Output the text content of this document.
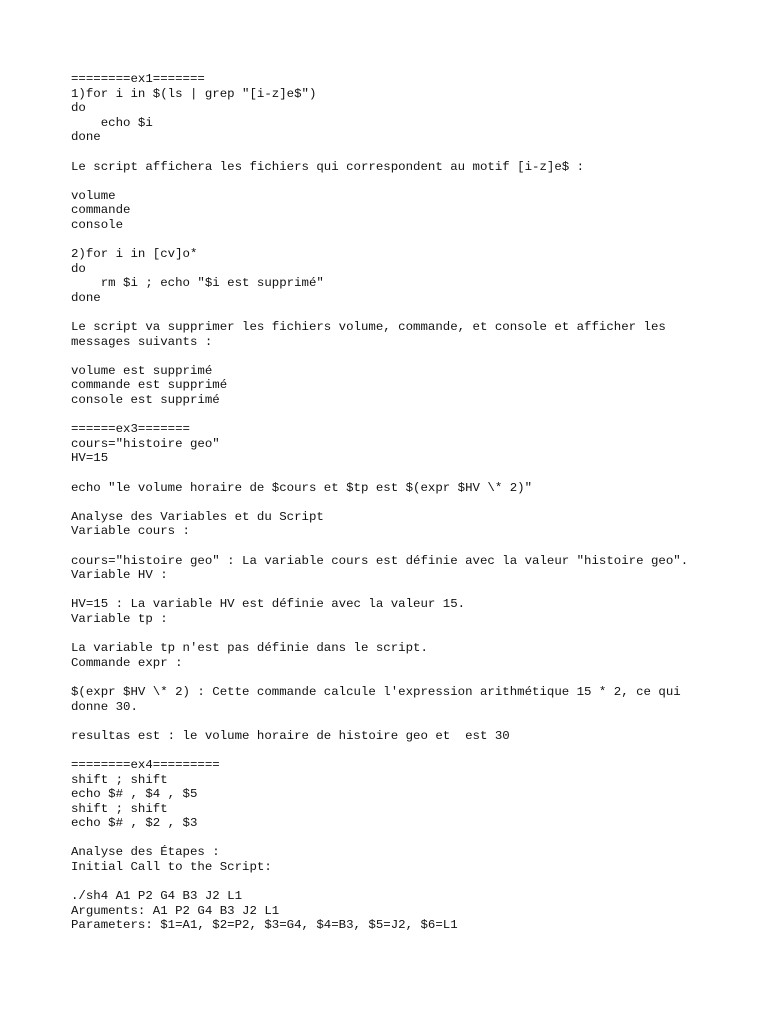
========ex1=======
1)for i in $(ls | grep "[i-z]e$")
do
echo $i
done
Le script affichera les fichiers qui correspondent au motif [i-z]e$ :
volume
commande
console
2)for i in [cv]o*
do
rm $i ; echo "$i est supprimé"
done
Le script va supprimer les fichiers volume, commande, et console et afficher les
messages suivants :
volume est supprimé
commande est supprimé
console est supprimé
======ex3=======
cours="histoire geo"
HV=15
echo "le volume horaire de $cours et $tp est $(expr $HV \* 2)"
Analyse des Variables et du Script
Variable cours :
cours="histoire geo" : La variable cours est définie avec la valeur "histoire geo".
Variable HV :
HV=15 : La variable HV est définie avec la valeur 15.
Variable tp :
La variable tp n'est pas définie dans le script.
Commande expr :
$(expr $HV \* 2) : Cette commande calcule l'expression arithmétique 15 * 2, ce qui
donne 30.
resultas est : le volume horaire de histoire geo et  est 30
========ex4=========
shift ; shift
echo $# , $4 , $5
shift ; shift
echo $# , $2 , $3
Analyse des Étapes :
Initial Call to the Script:
./sh4 A1 P2 G4 B3 J2 L1
Arguments: A1 P2 G4 B3 J2 L1
Parameters: $1=A1, $2=P2, $3=G4, $4=B3, $5=J2, $6=L1
